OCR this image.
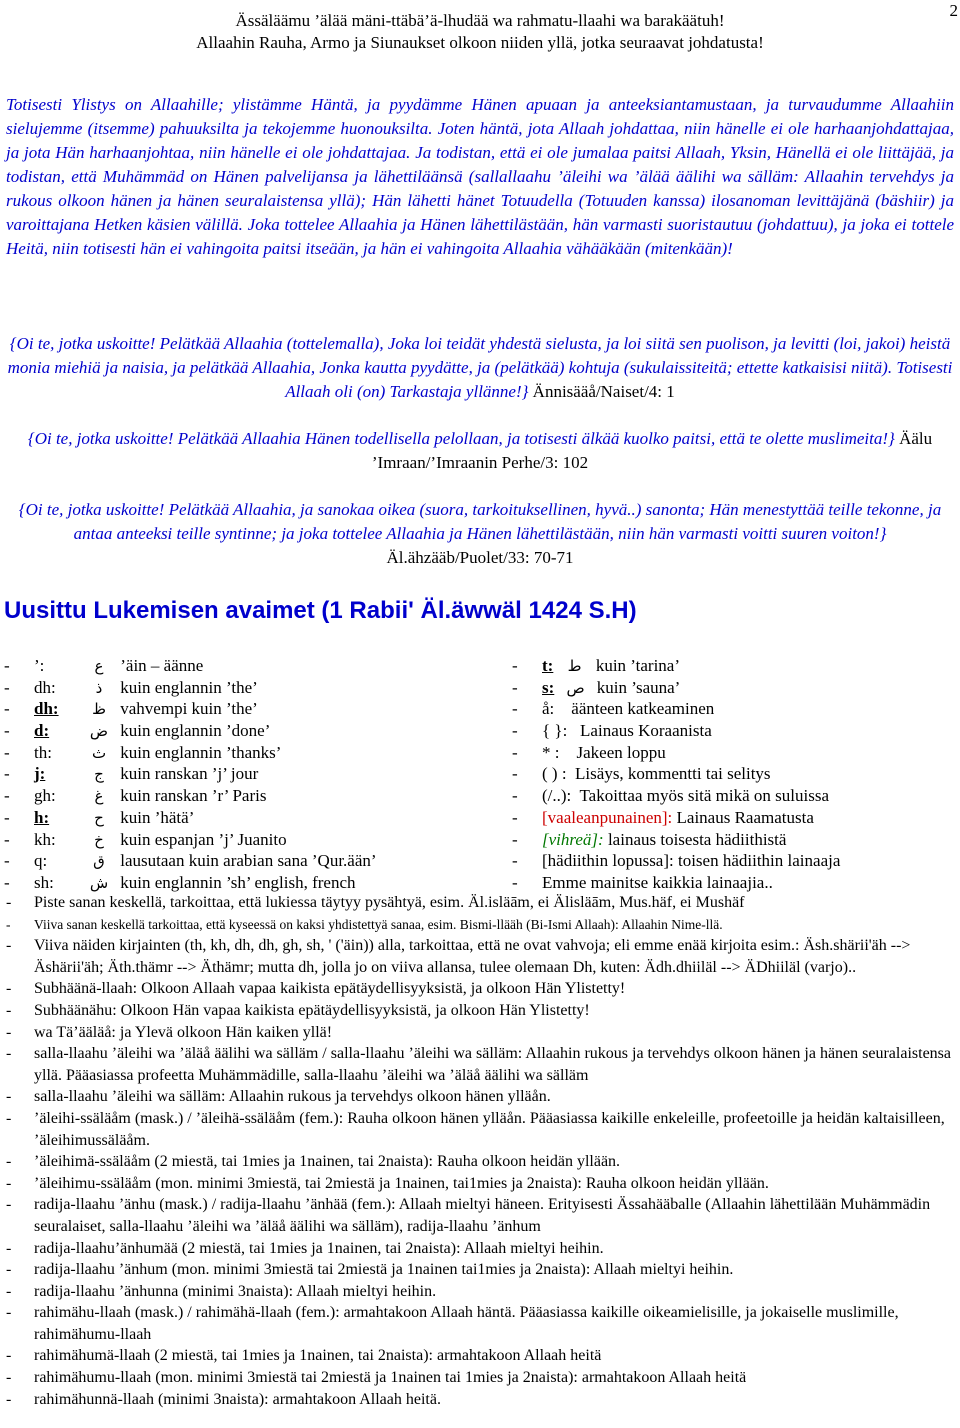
2
Ässäläämu ’älää mäni-ttäbä’ä-lhudää wa rahmatu-llaahi wa barakäätuh!
Allaahin Rauha, Armo ja Siunaukset olkoon niiden yllä, jotka seuraavat johdatusta!
Totisesti Ylistys on Allaahille; ylistämme Häntä, ja pyydämme Hänen apuaan ja anteeksiantamustaan, ja turvaudumme Allaahiin sielujemme (itsemme) pahuuksilta ja tekojemme huonouksilta. Joten häntä, jota Allaah johdattaa, niin hänelle ei ole harhaanjohdattajaa, ja jota Hän harhaanjohtaa, niin hänelle ei ole johdattajaa. Ja todistan, että ei ole jumalaa paitsi Allaah, Yksin, Hänellä ei ole liittäjää, ja todistan, että Muhämmäd on Hänen palvelijansa ja lähettiläänsä (sallallaahu ’äleihi wa ’älää äälihi wa sälläm: Allaahin tervehdys ja rukous olkoon hänen ja hänen seuralaistensa yllä); Hän lähetti hänet Totuudella (Totuuden kanssa) ilosanoman levittäjänä (bäshiir) ja varoittajana Hetken käsien välillä. Joka tottelee Allaahia ja Hänen lähettilästään, hän varmasti suoristautuu (johdattuu), ja joka ei tottele Heitä, niin totisesti hän ei vahingoita paitsi itseään, ja hän ei vahingoita Allaahia vähääkään (mitenkään)!
{Oi te, jotka uskoitte! Pelätkää Allaahia (tottelemalla), Joka loi teidät yhdestä sielusta, ja loi siitä sen puolison, ja levitti (loi, jakoi) heistä monia miehiä ja naisia, ja pelätkää Allaahia, Jonka kautta pyydätte, ja (pelätkää) kohtuja (sukulaissiteitä; ettette katkaisisi niitä). Totisesti Allaah oli (on) Tarkastaja yllänne!} Ännisääå/Naiset/4: 1
{Oi te, jotka uskoitte! Pelätkää Allaahia Hänen todellisella pelollaan, ja totisesti älkää kuolko paitsi, että te olette muslimeita!} Äälu ’Imraan/’Imraanin Perhe/3: 102
{Oi te, jotka uskoitte! Pelätkää Allaahia, ja sanokaa oikea (suora, tarkoituksellinen, hyvä..) sanonta; Hän menestyttää teille tekonne, ja antaa anteeksi teille syntinne; ja joka tottelee Allaahia ja Hänen lähettilästään, niin hän varmasti voitti suuren voiton!} Äl.ähzääb/Puolet/33: 70-71
Uusittu Lukemisen avaimet (1 Rabii' Äl.äwwäl 1424 S.H)
- ’:	ع ’äin – äänne
- dh:	ذ kuin englannin ’the’
- dh: ظ vahvempi kuin ’the’
- d:	ض kuin englannin ’done’
- th:	ث kuin englannin ’thanks’
- j:	ج kuin ranskan ’j’ jour
- gh:	غ kuin ranskan ’r’ Paris
- h:	ح kuin ’hätä’
- kh:	خ kuin espanjan ’j’ Juanito
- q:	ق lausutaan kuin arabian sana ’Qur.ään’
- sh: ش kuin englannin ’sh’ english, french
- t: ط kuin ’tarina’
- s: ص kuin ’sauna’
- å: äänteen katkeaminen
- { }: Lainaus Koraanista
- * : Jakeen loppu
- ( ) : Lisäys, kommentti tai selitys
- (/..): Takoittaa myös sitä mikä on suluissa
- [vaaleanpunainen]: Lainaus Raamatusta
- [vihreä]: lainaus toisesta hädiithistä
- [hädiithin lopussa]: toisen hädiithin lainaaja
- Emme mainitse kaikkia lainaajia..
- Piste sanan keskellä, tarkoittaa, että lukiessa täytyy pysähtyä, esim. Äl.isläām, ei Älisläām, Mus.häf, ei Mushäf
- Viiva sanan keskellä tarkoittaa, että kyseessä on kaksi yhdistettyä sanaa, esim. Bismi-llääh (Bi-Ismi Allaah): Allaahin Nime-llä.
- Viiva näiden kirjainten (th, kh, dh, dh, gh, sh, ' ('äin)) alla, tarkoittaa, että ne ovat vahvoja; eli emme enää kirjoita esim.: Äsh.shärii'äh --> Äshärii'äh; Äth.thämr --> Äthämr; mutta dh, jolla jo on viiva allansa, tulee olemaan Dh, kuten: Ädh.dhiiläl --> ÄDhiiläl (varjo)..
- Subhäänä-llaah: Olkoon Allaah vapaa kaikista epätäydellisyyksistä, ja olkoon Hän Ylistetty!
- Subhäänähu: Olkoon Hän vapaa kaikista epätäydellisyyksistä, ja olkoon Hän Ylistetty!
- wa Tä’ääläå: ja Ylevä olkoon Hän kaiken yllä!
- salla-llaahu ’äleihi wa ’äläå äälihi wa sälläm / salla-llaahu ’äleihi wa sälläm: Allaahin rukous ja tervehdys olkoon hänen ja hänen seuralaistensa yllä. Pääasiassa profeetta Muhämmädille, salla-llaahu ’äleihi wa ’äläå äälihi wa sälläm
- salla-llaahu ’äleihi wa sälläm: Allaahin rukous ja tervehdys olkoon hänen ylläån.
- ’äleihi-ssäläåm (mask.) / ’äleihä-ssäläåm (fem.): Rauha olkoon hänen ylläån. Pääasiassa kaikille enkeleille, profeetoille ja heidän kaltaisilleen, ’äleihimussäläåm.
- ’äleihimä-ssäläåm (2 miestä, tai 1mies ja 1nainen, tai 2naista): Rauha olkoon heidän yllään.
- ’äleihimu-ssäläåm (mon. minimi 3miestä, tai 2miestä ja 1nainen, tai1mies ja 2naista): Rauha olkoon heidän yllään.
- radija-llaahu ’änhu (mask.) / radija-llaahu ’änhää (fem.): Allaah mieltyi häneen. Erityisesti Ässahääballe (Allaahin lähettilään Muhämmädin seuralaiset, salla-llaahu ’äleihi wa ’äläå äälihi wa sälläm), radija-llaahu ’änhum
- radija-llaahu’änhumää (2 miestä, tai 1mies ja 1nainen, tai 2naista): Allaah mieltyi heihin.
- radija-llaahu ’änhum (mon. minimi 3miestä tai 2miestä ja 1nainen tai1mies ja 2naista): Allaah mieltyi heihin.
- radija-llaahu ’änhunna (minimi 3naista): Allaah mieltyi heihin.
- rahimähu-llaah (mask.) / rahimähä-llaah (fem.): armahtakoon Allaah häntä. Pääasiassa kaikille oikeamielisille, ja jokaiselle muslimille, rahimähumu-llaah
- rahimähumä-llaah (2 miestä, tai 1mies ja 1nainen, tai 2naista): armahtakoon Allaah heitä
- rahimähumu-llaah (mon. minimi 3miestä tai 2miestä ja 1nainen tai 1mies ja 2naista): armahtakoon Allaah heitä
- rahimähunnä-llaah (minimi 3naista): armahtakoon Allaah heitä.
